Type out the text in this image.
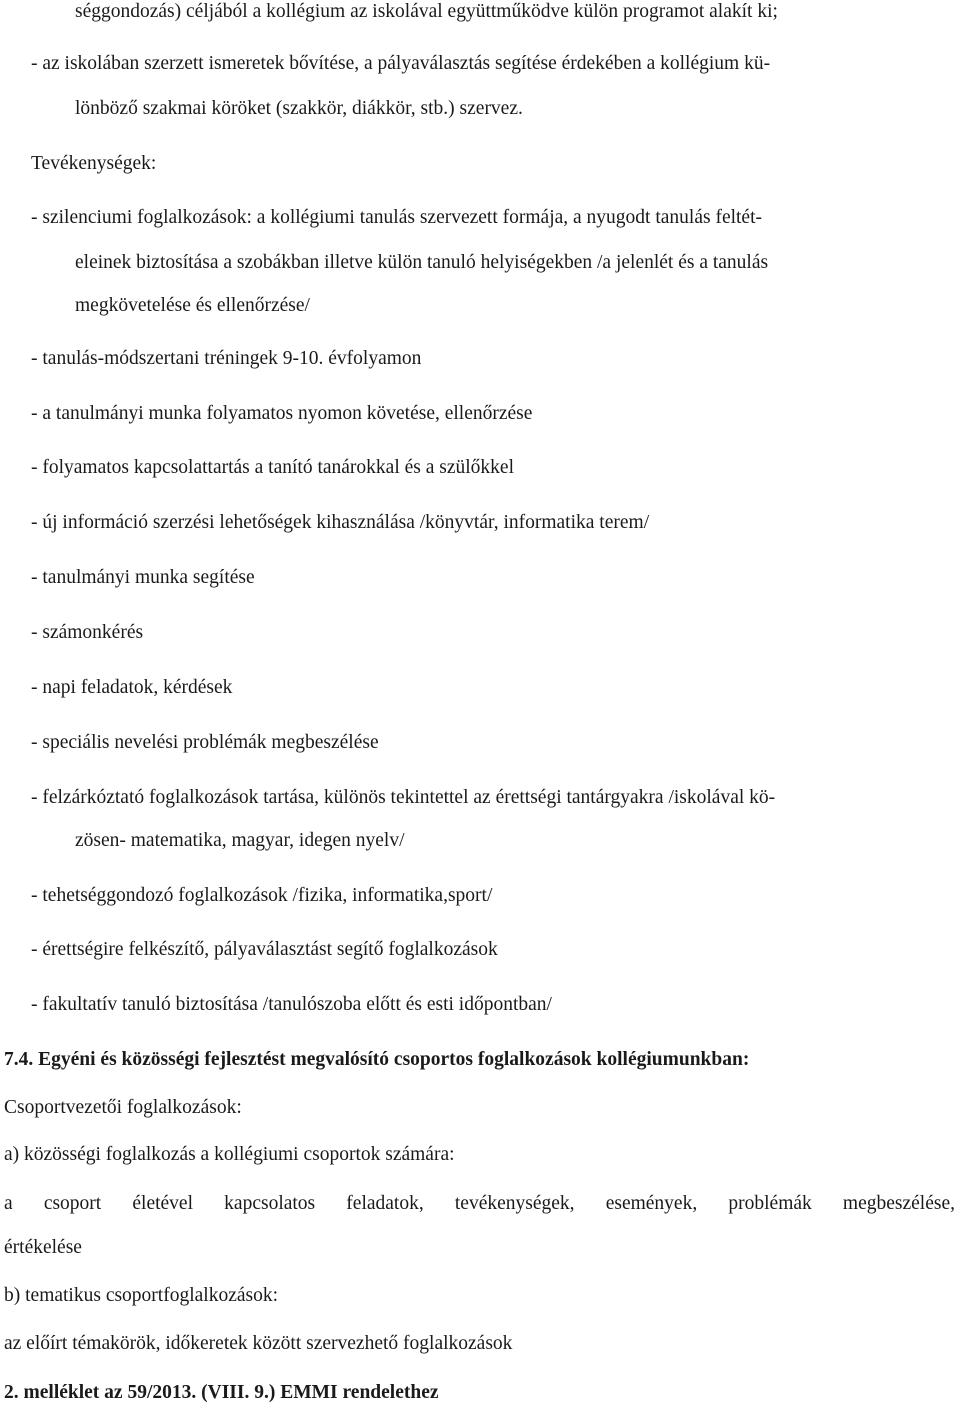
séggondozás) céljából a kollégium az iskolával együttműködve külön programot alakít ki;
- az iskolában szerzett ismeretek bővítése, a pályaválasztás segítése érdekében a kollégium kü-
lönböző szakmai köröket (szakkör, diákkör, stb.) szervez.
Tevékenységek:
- szilenciumi foglalkozások: a kollégiumi tanulás szervezett formája, a nyugodt tanulás feltét-
eleinek biztosítása a szobákban illetve külön tanuló helyiségekben /a jelenlét és a tanulás
megkövetelése és ellenőrzése/
- tanulás-módszertani tréningek 9-10. évfolyamon
- a tanulmányi munka folyamatos nyomon követése, ellenőrzése
- folyamatos kapcsolattartás a tanító tanárokkal és a szülőkkel
- új információ szerzési lehetőségek kihasználása /könyvtár, informatika terem/
- tanulmányi munka segítése
- számonkérés
- napi feladatok, kérdések
- speciális nevelési problémák megbeszélése
- felzárkóztató foglalkozások tartása, különös tekintettel az érettségi tantárgyakra /iskolával kö-
zösen- matematika, magyar, idegen nyelv/
- tehetséggondozó foglalkozások /fizika, informatika,sport/
- érettségire felkészítő, pályaválasztást segítő foglalkozások
- fakultatív tanuló biztosítása /tanulószoba előtt és esti időpontban/
7.4. Egyéni és közösségi fejlesztést megvalósító csoportos foglalkozások kollégiumunkban:
Csoportvezetői foglalkozások:
a) közösségi foglalkozás a kollégiumi csoportok számára:
a csoport életével kapcsolatos feladatok, tevékenységek, események, problémák megbeszélése,
értékelése
b) tematikus csoportfoglalkozások:
az előírt témakörök, időkeretek között szervezhető foglalkozások
2. melléklet az 59/2013. (VIII. 9.) EMMI rendelethez
